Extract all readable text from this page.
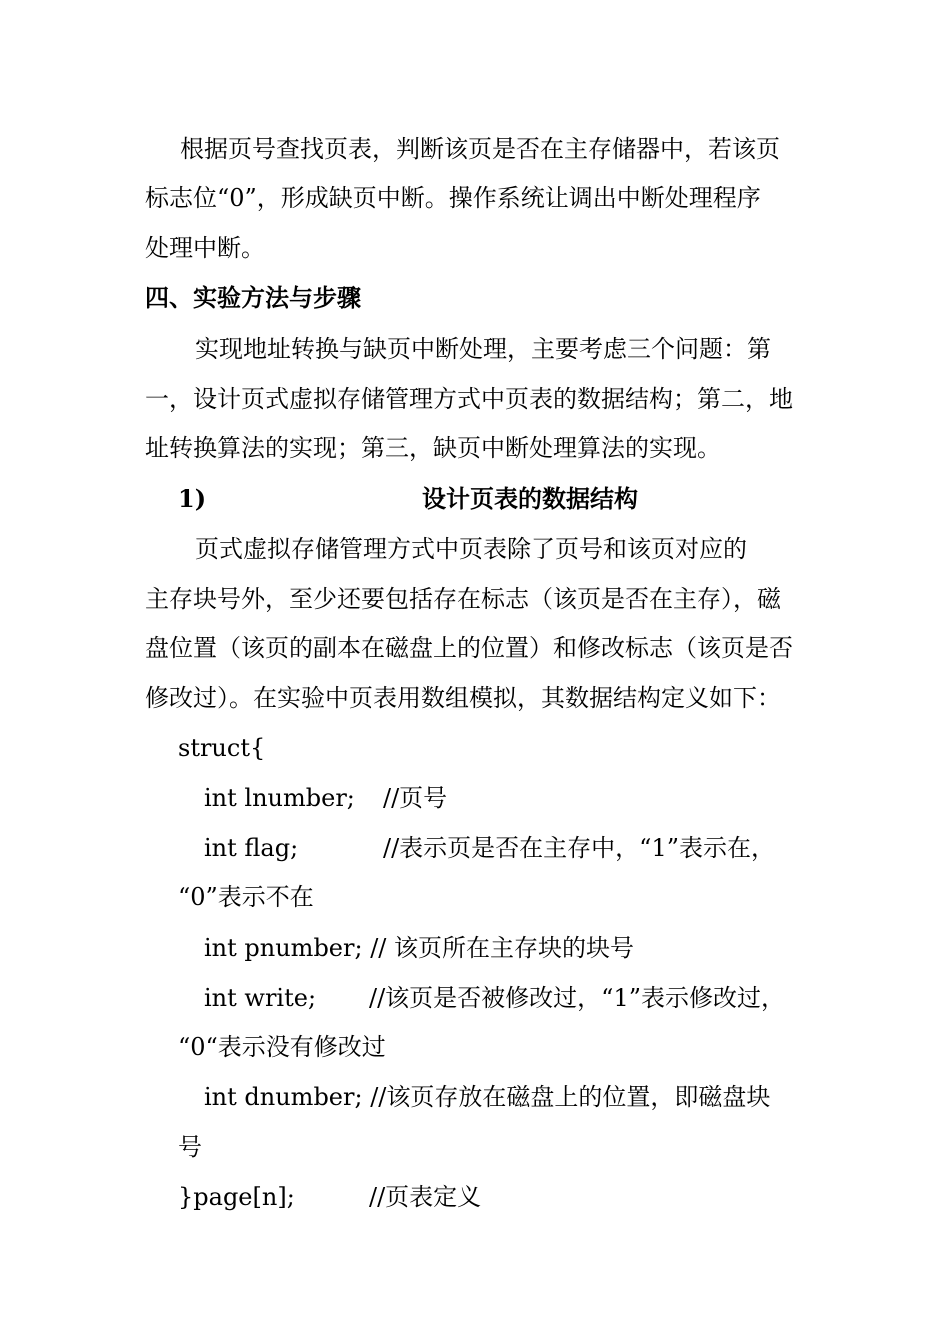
根据页号查找页表，判断该页是否在主存储器中，若该页
标志位“0”，形成缺页中断。操作系统让调出中断处理程序
处理中断。
四、实验方法与步骤
实现地址转换与缺页中断处理，主要考虑三个问题：第
一，设计页式虚拟存储管理方式中页表的数据结构；第二，地
址转换算法的实现；第三，缺页中断处理算法的实现。
1)	设计页表的数据结构
页式虚拟存储管理方式中页表除了页号和该页对应的
主存块号外，至少还要包括存在标志（该页是否在主存），磁
盘位置（该页的副本在磁盘上的位置）和修改标志（该页是否
修改过）。在实验中页表用数组模拟，其数据结构定义如下：
struct{
int lnumber; //页号
int flag;	//表示页是否在主存中，“1”表示在，
“0”表示不在
int pnumber; // 该页所在主存块的块号
int write; //该页是否被修改过，“1”表示修改过，
“0“表示没有修改过
int dnumber; //该页存放在磁盘上的位置，即磁盘块
号
}page[n];	//页表定义
